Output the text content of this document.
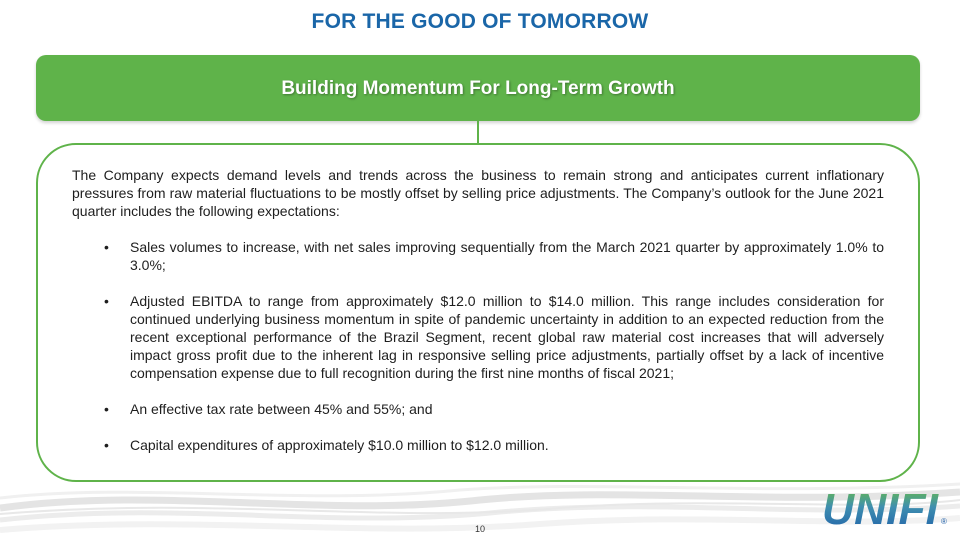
FOR THE GOOD OF TOMORROW
Building Momentum For Long-Term Growth

The Company expects demand levels and trends across the business to remain strong and anticipates current inflationary pressures from raw material fluctuations to be mostly offset by selling price adjustments. The Company’s outlook for the June 2021 quarter includes the following expectations:

• Sales volumes to increase, with net sales improving sequentially from the March 2021 quarter by approximately 1.0% to 3.0%;
• Adjusted EBITDA to range from approximately $12.0 million to $14.0 million. This range includes consideration for continued underlying business momentum in spite of pandemic uncertainty in addition to an expected reduction from the recent exceptional performance of the Brazil Segment, recent global raw material cost increases that will adversely impact gross profit due to the inherent lag in responsive selling price adjustments, partially offset by a lack of incentive compensation expense due to full recognition during the first nine months of fiscal 2021;
• An effective tax rate between 45% and 55%; and
• Capital expenditures of approximately $10.0 million to $12.0 million.
10	UNIFI ®
